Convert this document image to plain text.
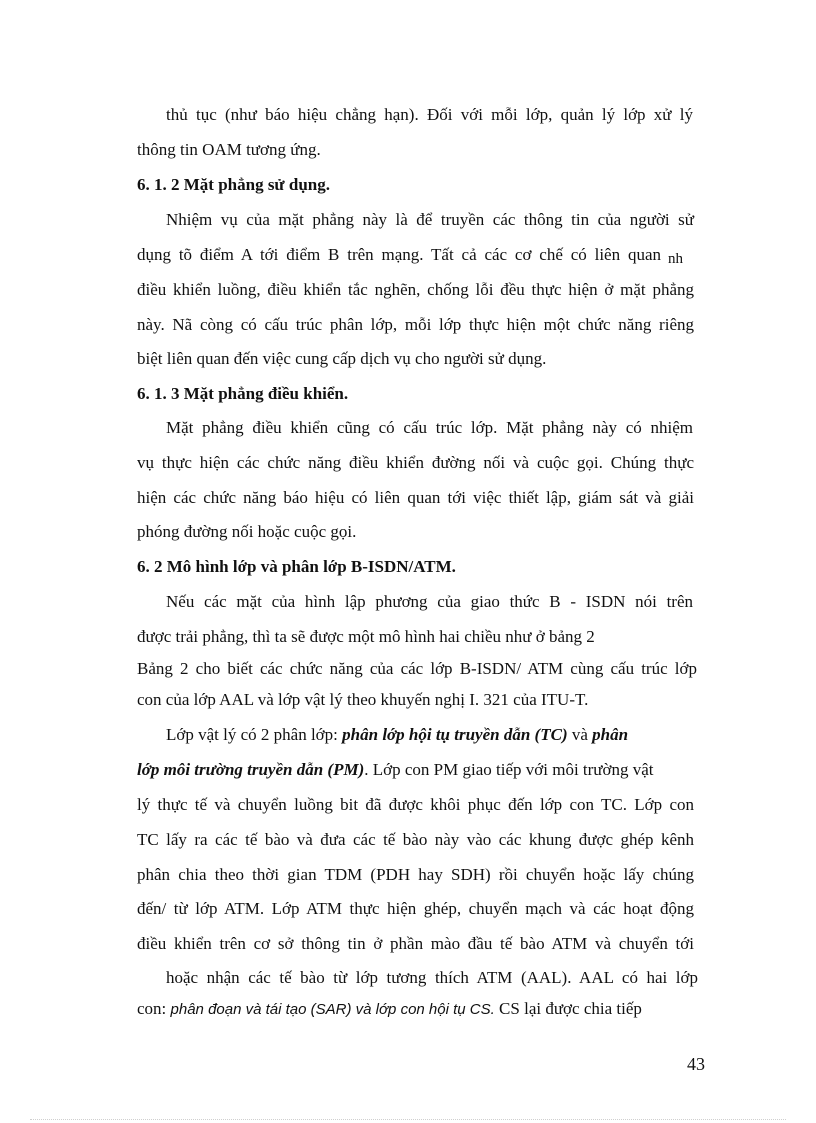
thủ tục (như báo hiệu chẳng hạn). Đối với mỗi lớp, quản lý lớp xử lý

thông tin OAM tương ứng.

6. 1. 2 Mặt phẳng sử dụng.

Nhiệm vụ của mặt phẳng này là để truyền các thông tin của người sử

dụng tõ điểm A tới điểm B trên mạng. Tất cả các cơ chế có liên quan nh

điều khiển luồng, điều khiển tắc nghẽn, chống lỗi đều thực hiện ở mặt phẳng

này. Nã còng có cấu trúc phân lớp, mỗi lớp thực hiện một chức năng riêng

biệt liên quan đến việc cung cấp dịch vụ cho người sử dụng.

6. 1. 3 Mặt phẳng điều khiển.

Mặt phẳng điều khiển cũng có cấu trúc lớp. Mặt phẳng này có nhiệm

vụ thực hiện các chức năng điều khiển đường nối và cuộc gọi. Chúng thực

hiện các chức năng báo hiệu có liên quan tới việc thiết lập, giám sát và giải

phóng đường nối hoặc cuộc gọi.

6. 2 Mô hình lớp và phân lớp B-ISDN/ATM.

Nếu các mặt của hình lập phương của giao thức B - ISDN nói trên

được trải phẳng, thì ta sẽ được một mô hình hai chiều như ở bảng 2

Bảng 2 cho biết các chức năng của các lớp B-ISDN/ ATM cùng cấu trúc lớp

con của lớp AAL và lớp vật lý theo khuyến nghị I. 321 của ITU-T.

Lớp vật lý có 2 phân lớp: phân lớp hội tụ truyền dẫn (TC) và phân

lớp môi trường truyền dẫn (PM). Lớp con PM giao tiếp với môi trường vật

lý thực tế và chuyển luồng bit đã được khôi phục đến lớp con TC. Lớp con

TC lấy ra các tế bào và đưa các tế bào này vào các khung được ghép kênh

phân chia theo thời gian TDM (PDH hay SDH) rồi chuyển hoặc lấy chúng

đến/ từ lớp ATM. Lớp ATM thực hiện ghép, chuyển mạch và các hoạt động

điều khiển trên cơ sở thông tin ở phần mào đầu tế bào ATM và chuyển tới

hoặc nhận các tế bào từ lớp tương thích ATM (AAL). AAL có hai lớp

con: phân đoạn và tái tạo (SAR) và lớp con hội tụ CS. CS lại được chia tiếp

43
